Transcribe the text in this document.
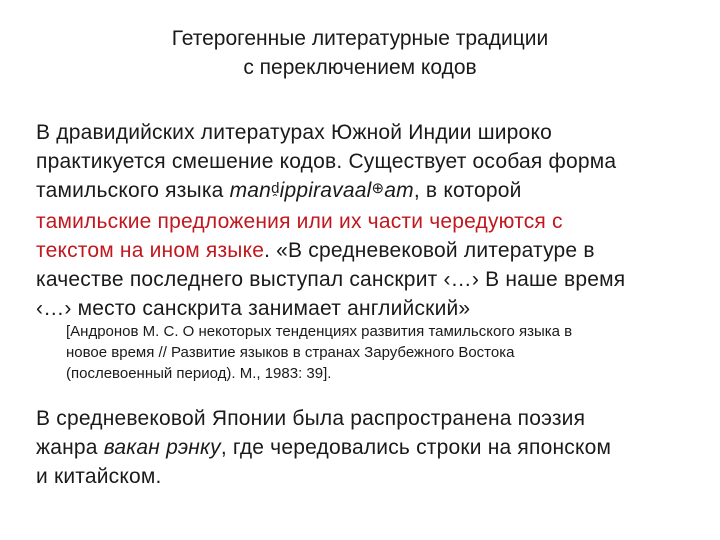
Гетерогенные литературные традиции
с переключением кодов
В дравидийских литературах Южной Индии широко
практикуется смешение кодов. Существует особая форма
тамильского языка manḓippiravaal⊕am, в которой
тамильские предложения или их части чередуются с
текстом на ином языке. «В средневековой литературе в
качестве последнего выступал санскрит ‹…› В наше время
‹…› место санскрита занимает английский»
[Андронов М. С. О некоторых тенденциях развития тамильского языка в
новое время // Развитие языков в странах Зарубежного Востока
(послевоенный период). М., 1983: 39].
В средневековой Японии была распространена поэзия
жанра вакан рэнку, где чередовались строки на японском
и китайском.
